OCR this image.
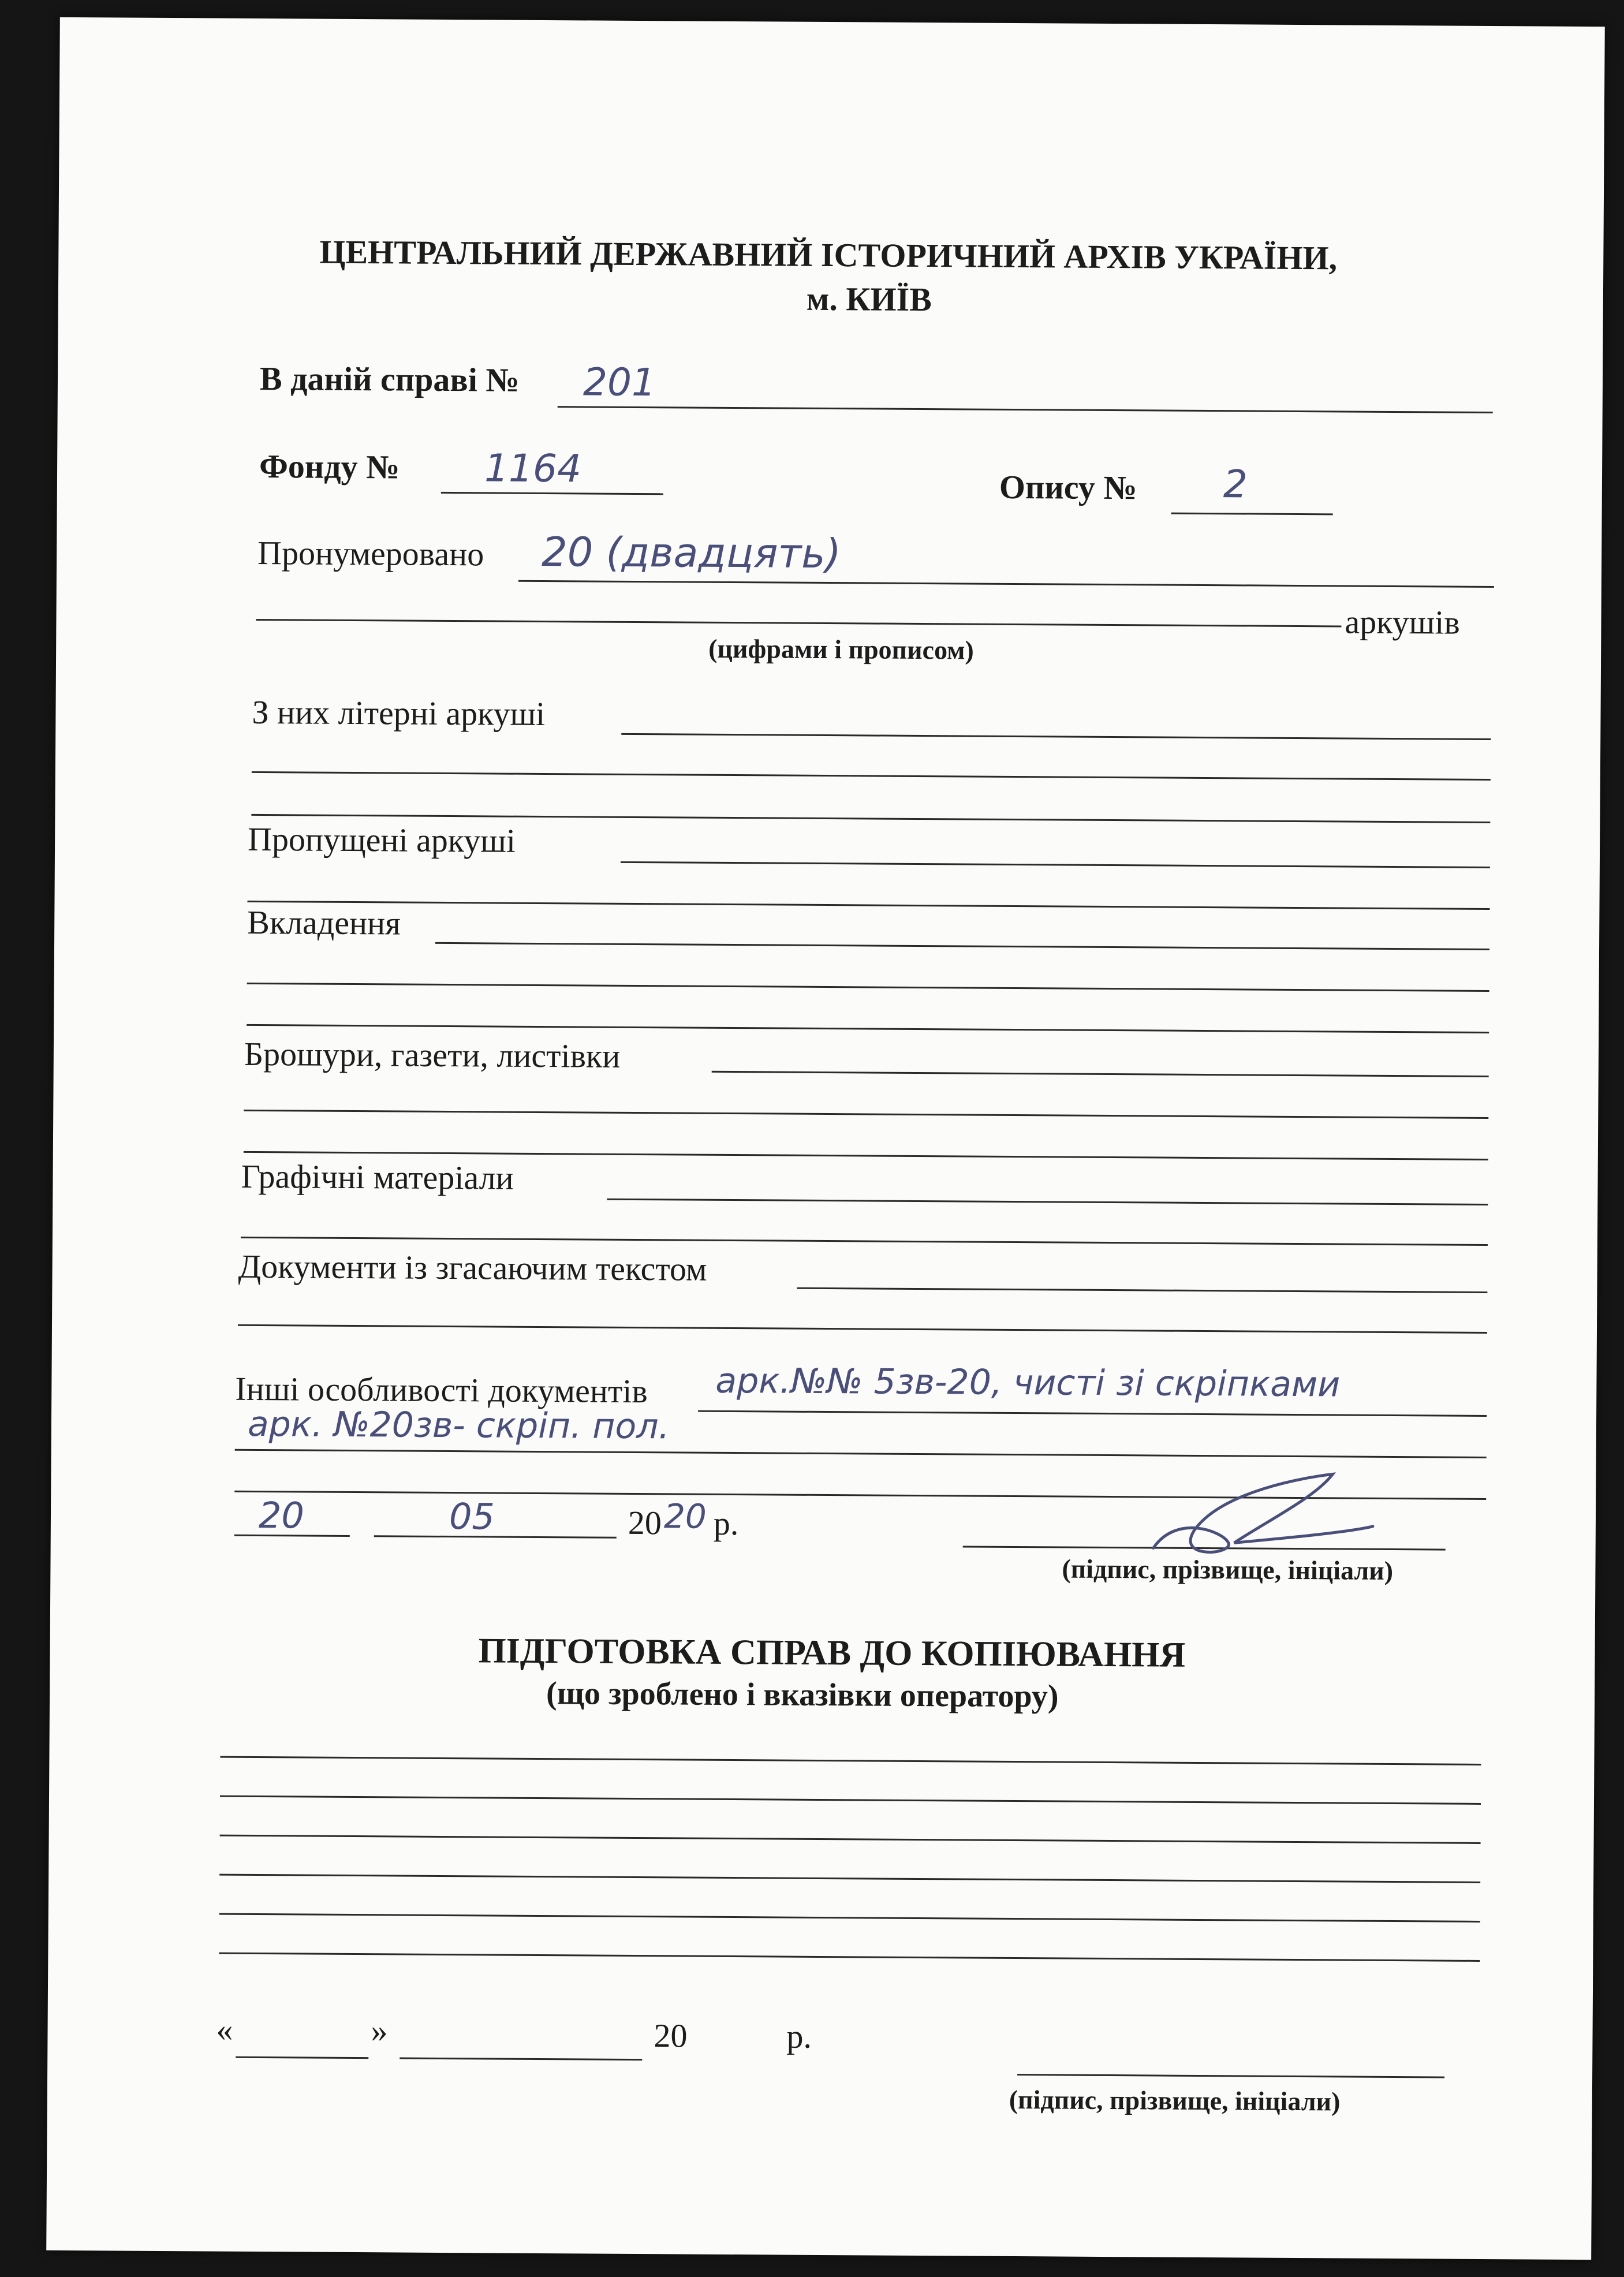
ЦЕНТРАЛЬНИЙ ДЕРЖАВНИЙ ІСТОРИЧНИЙ АРХІВ УКРАЇНИ,
м. КИЇВ
В даній справі № 201
Фонду № 1164	Опису № 2
Пронумеровано 20 (двадцять)
аркушів
(цифрами і прописом)
З них літерні аркуші
Пропущені аркуші
Вкладення
Брошури, газети, листівки
Графічні матеріали
Документи із згасаючим текстом
Інші особливості документів арк.№№ 5зв-20, чисті зі скріпками
арк. №20зв- скріп. пол.
20	05	20 20 р.
(підпис, прізвище, ініціали)
ПІДГОТОВКА СПРАВ ДО КОПІЮВАННЯ
(що зроблено і вказівки оператору)
«	»	20	р.
(підпис, прізвище, ініціали)
